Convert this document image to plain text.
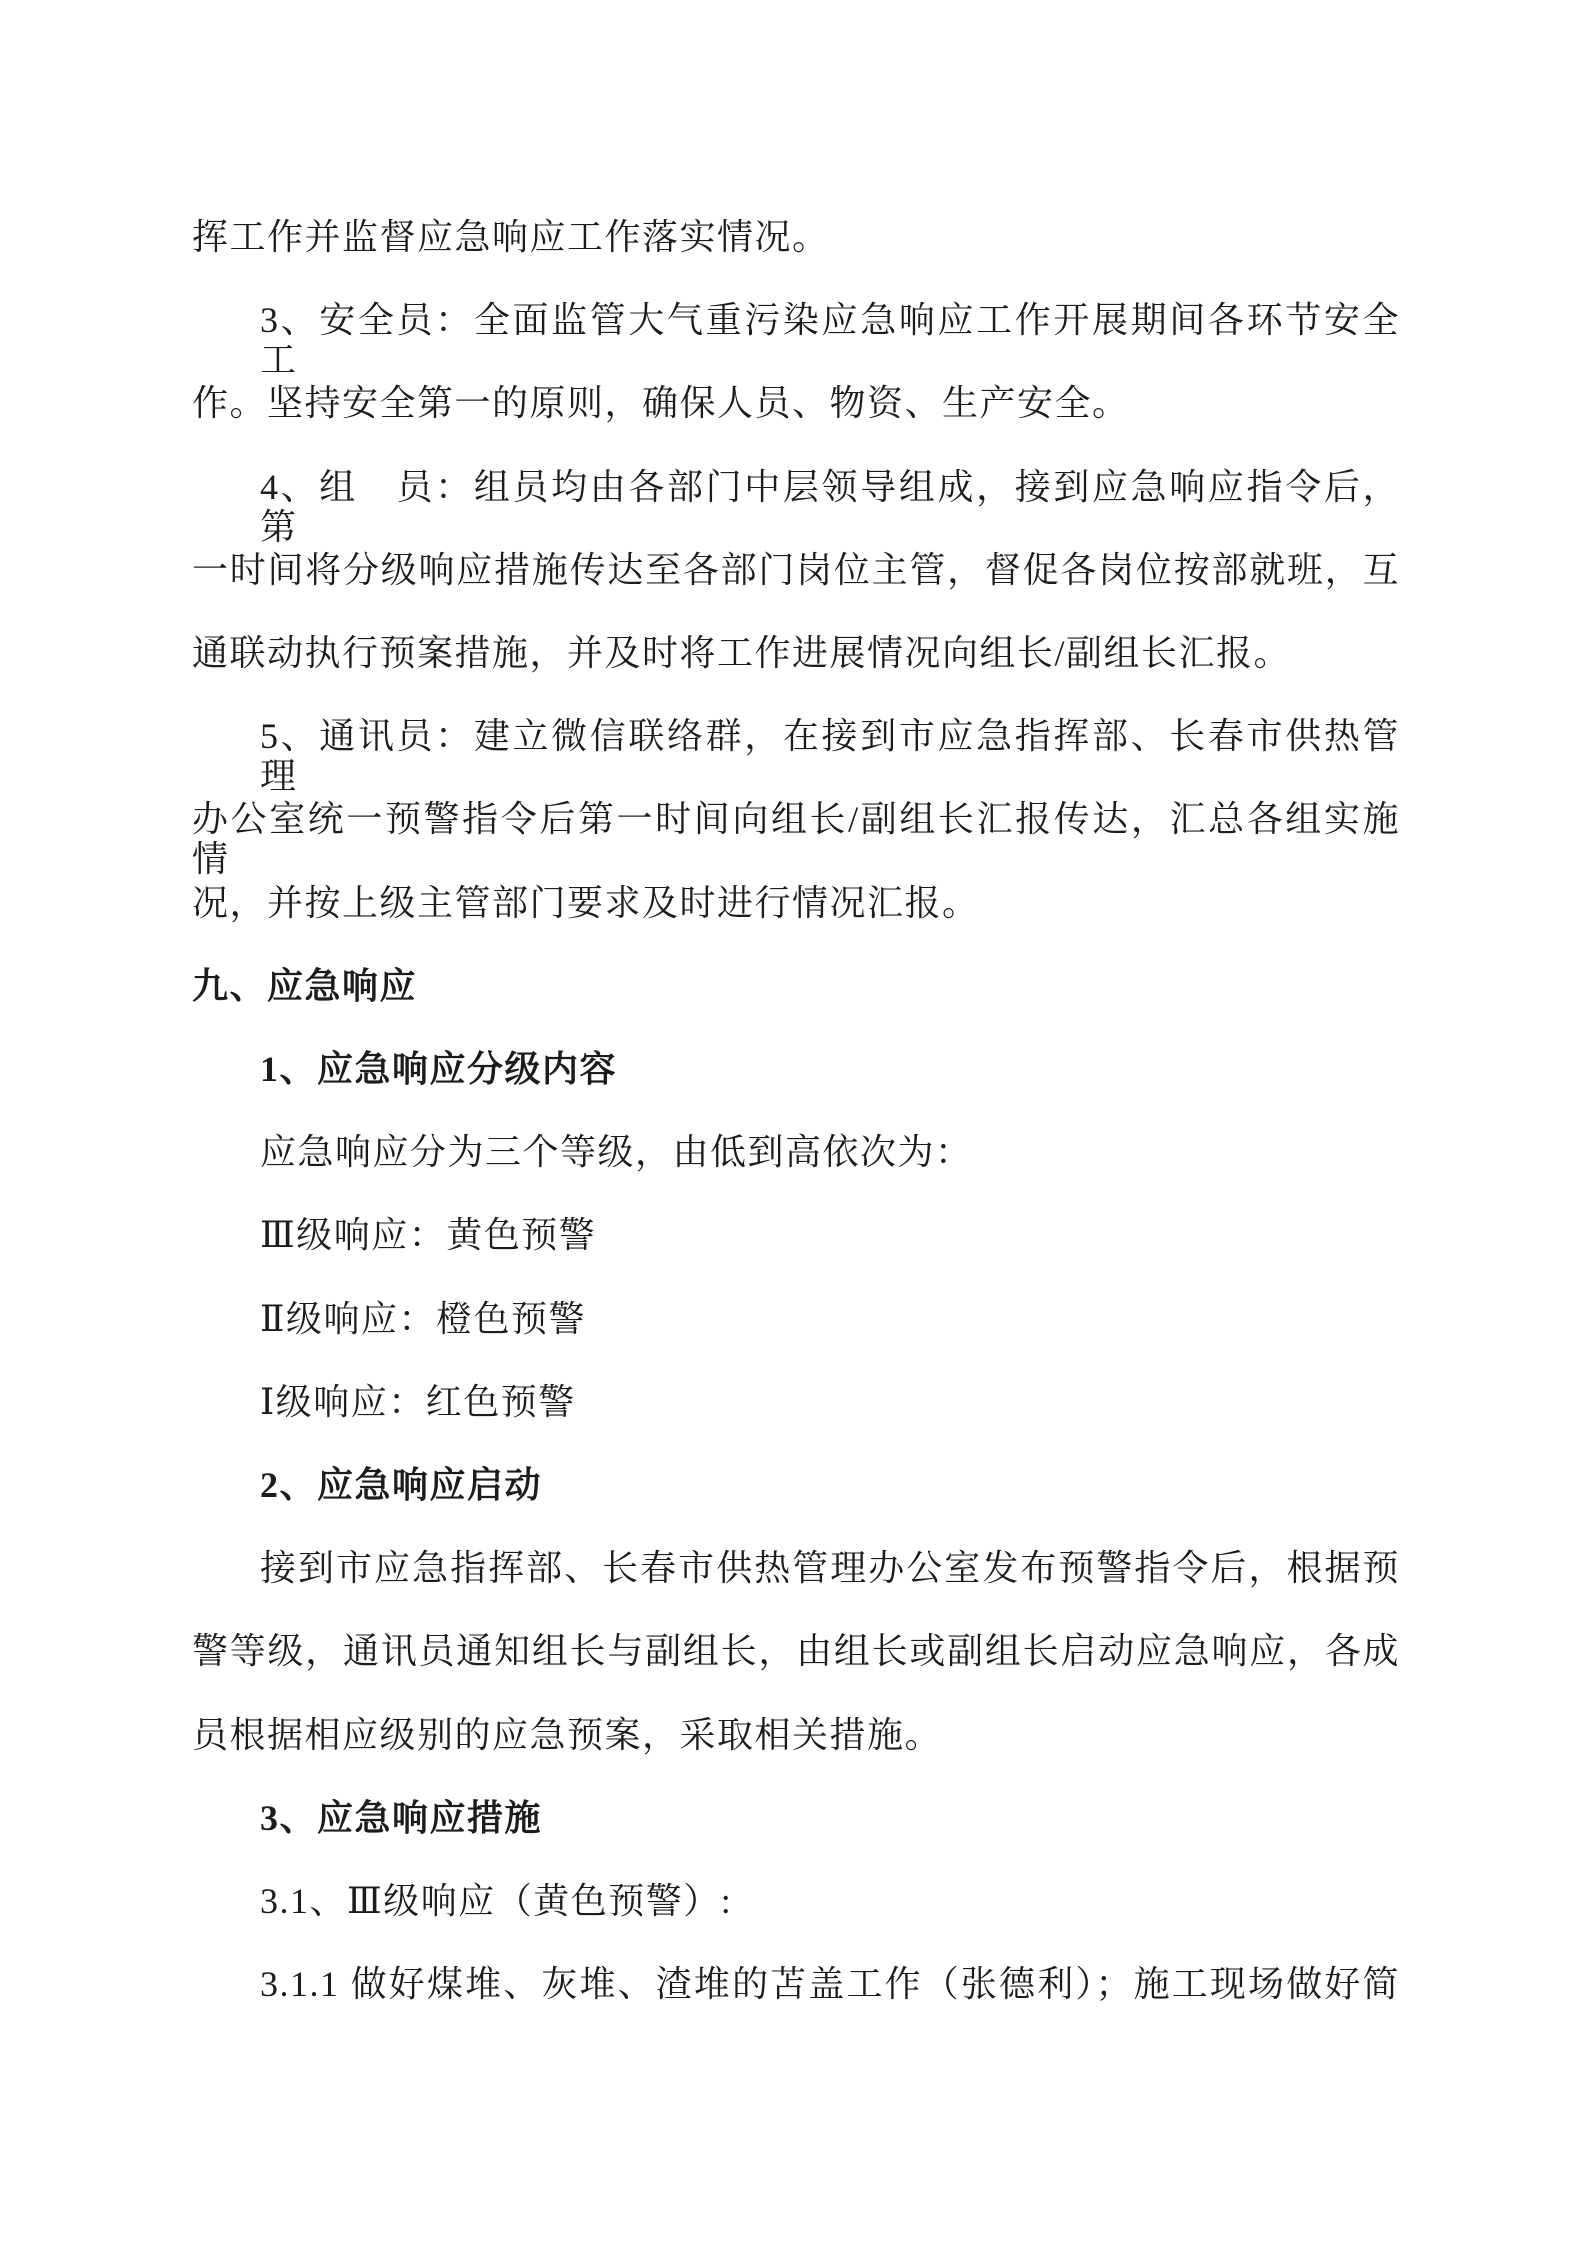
挥工作并监督应急响应工作落实情况。
3、安全员：全面监管大气重污染应急响应工作开展期间各环节安全工
作。坚持安全第一的原则，确保人员、物资、生产安全。
4、组　员：组员均由各部门中层领导组成，接到应急响应指令后，第
一时间将分级响应措施传达至各部门岗位主管，督促各岗位按部就班，互
通联动执行预案措施，并及时将工作进展情况向组长/副组长汇报。
5、通讯员：建立微信联络群，在接到市应急指挥部、长春市供热管理
办公室统一预警指令后第一时间向组长/副组长汇报传达，汇总各组实施情
况，并按上级主管部门要求及时进行情况汇报。
九、应急响应
1、应急响应分级内容
应急响应分为三个等级，由低到高依次为：
Ⅲ级响应：黄色预警
Ⅱ级响应：橙色预警
Ⅰ级响应：红色预警
2、应急响应启动
接到市应急指挥部、长春市供热管理办公室发布预警指令后，根据预
警等级，通讯员通知组长与副组长，由组长或副组长启动应急响应，各成
员根据相应级别的应急预案，采取相关措施。
3、应急响应措施
3.1、Ⅲ级响应（黄色预警）:
3.1.1 做好煤堆、灰堆、渣堆的苫盖工作（张德利）；施工现场做好简
